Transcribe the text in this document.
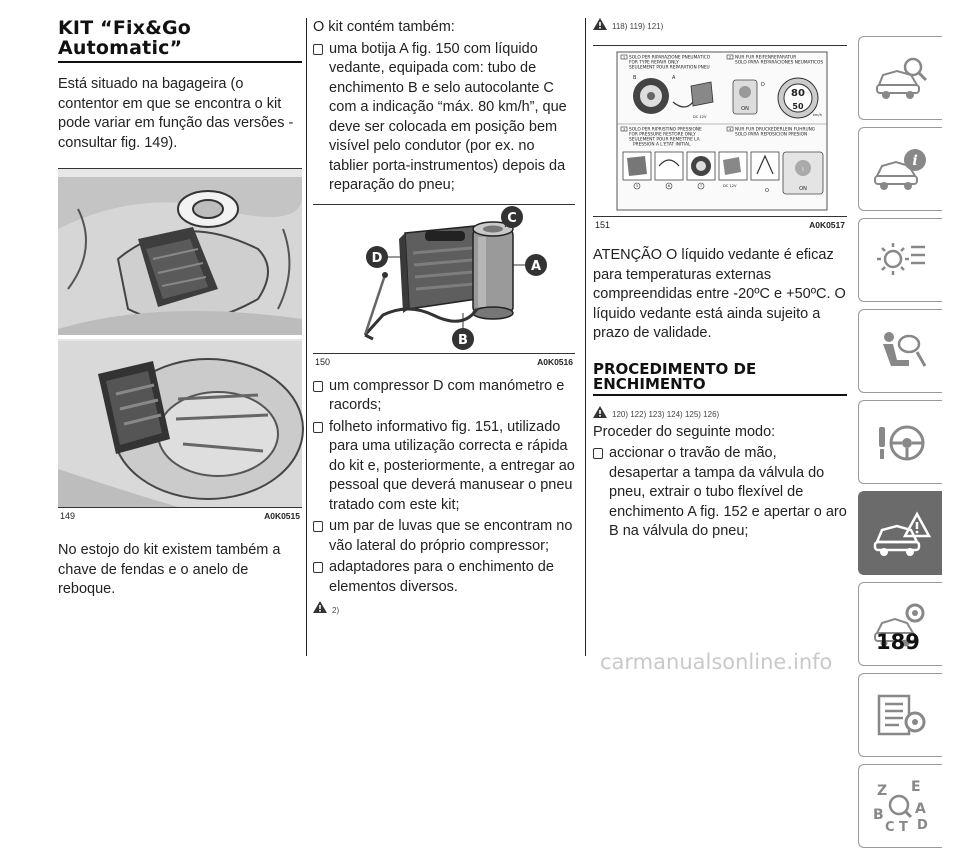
KIT “Fix&Go
Automatic”

Está situado na bagageira (o contentor em que se encontra o kit pode variar em função das versões - consultar fig. 149).

149	A0K0515

No estojo do kit existem também a chave de fendas e o anelo de reboque.

O kit contém também:

uma botija A fig. 150 com líquido vedante, equipada com: tubo de enchimento B e selo autocolante C com a indicação “máx. 80 km/h”, que deve ser colocada em posição bem visível pelo condutor (por ex. no tablier porta-instrumentos) depois da reparação do pneu;
C
A
D
B
150	A0K0516
um compressor D com manómetro e racords;
folheto informativo fig. 151, utilizado para uma utilização correcta e rápida do kit e, posteriormente, a entregar ao pessoal que deverá manusear o pneu tratado com este kit;
um par de luvas que se encontram no vão lateral do próprio compressor;
adaptadores para o enchimento de elementos diversos.
2)
118) 119) 121)
1 SOLO PER RIPARAZIONE PNEUMATICO
FOR TYPE REPAIR ONLY
SEULEMENT POUR REPARATION PNEU
2 NUR FUR REIFENREPARATUR
SOLO PARA REPARACIONES NEUMATICOS
B	A
DC 12V
ON
D
80
50
km/h
3 SOLO PER RIPRISTINO PRESSIONE
FOR PRESSURE RESTORE ONLY
SEULEMENT POUR REMETTRE LA
PRESSION A L'ETAT INITIAL
4 NUR FUR DRUCKEDERLEIN FUHRUNG
SOLO PARA REPOSICION PRESION
DC 12V
I
ON
5	6	7
O
151	A0K0517

ATENÇÃO O líquido vedante é eficaz para temperaturas externas compreendidas entre -20ºC e +50ºC. O líquido vedante está ainda sujeito a prazo de validade.

PROCEDIMENTO DE
ENCHIMENTO
120) 122) 123) 124) 125) 126)

Proceder do seguinte modo:

accionar o travão de mão, desapertar a tampa da válvula do pneu, extrair o tubo flexível de enchimento A fig. 152 e apertar o aro B na válvula do pneu;
i
Z E
A
B
C T D
189
carmanualsonline.info
